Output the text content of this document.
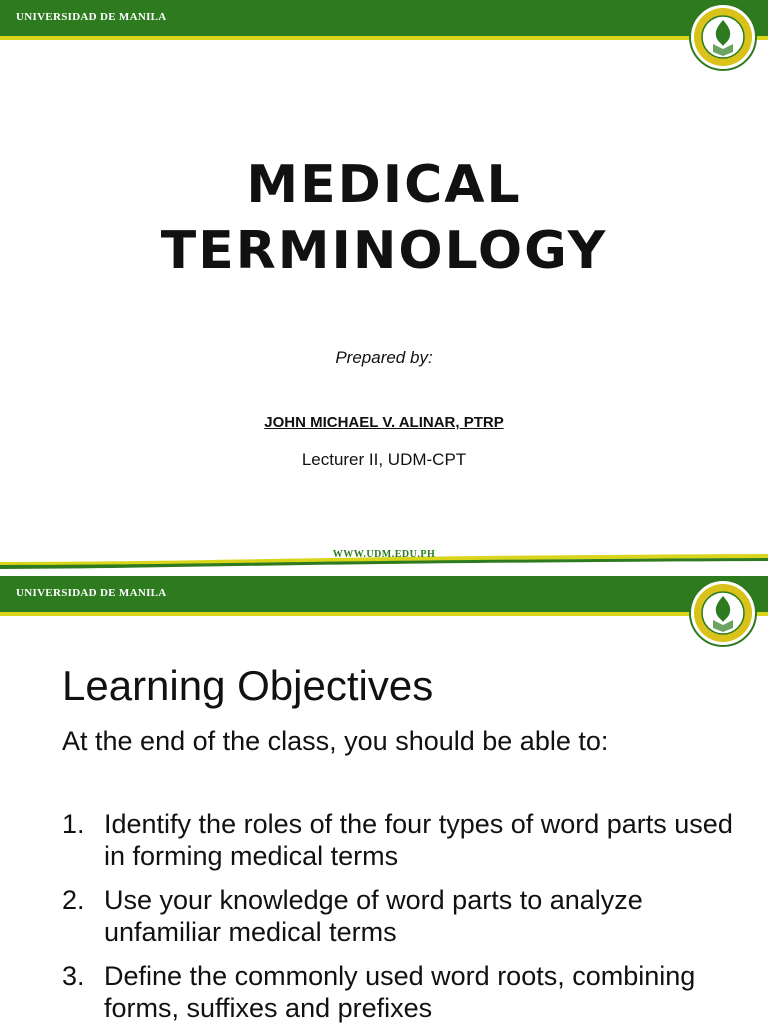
UNIVERSIDAD DE MANILA
MEDICAL
TERMINOLOGY
Prepared by:
JOHN MICHAEL V. ALINAR, PTRP
Lecturer II, UDM-CPT
WWW.UDM.EDU.PH
UNIVERSIDAD DE MANILA
Learning Objectives
At the end of the class, you should be able to:
1. Identify the roles of the four types of word parts used in forming medical terms
2. Use your knowledge of word parts to analyze unfamiliar medical terms
3. Define the commonly used word roots, combining forms, suffixes and prefixes
